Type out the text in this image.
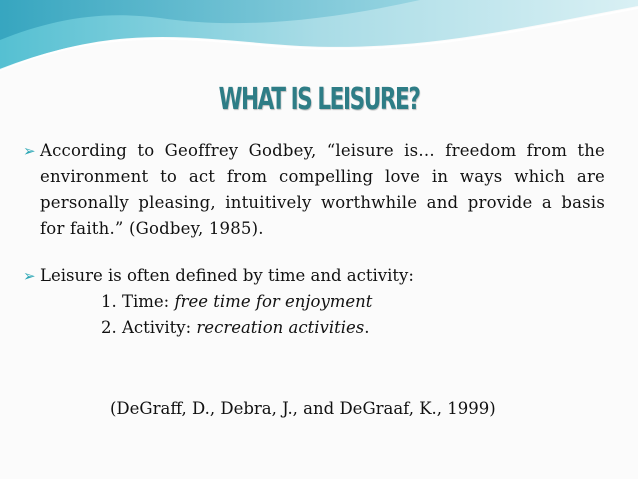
WHAT IS LEISURE?
➢ According to Geoffrey Godbey, “leisure is… freedom from the environment to act from compelling love in ways which are personally pleasing, intuitively worthwhile and provide a basis for faith.” (Godbey, 1985).
➢ Leisure is often defined by time and activity:
1. Time: free time for enjoyment
2. Activity: recreation activities.
(DeGraff, D., Debra, J., and DeGraaf, K., 1999)
